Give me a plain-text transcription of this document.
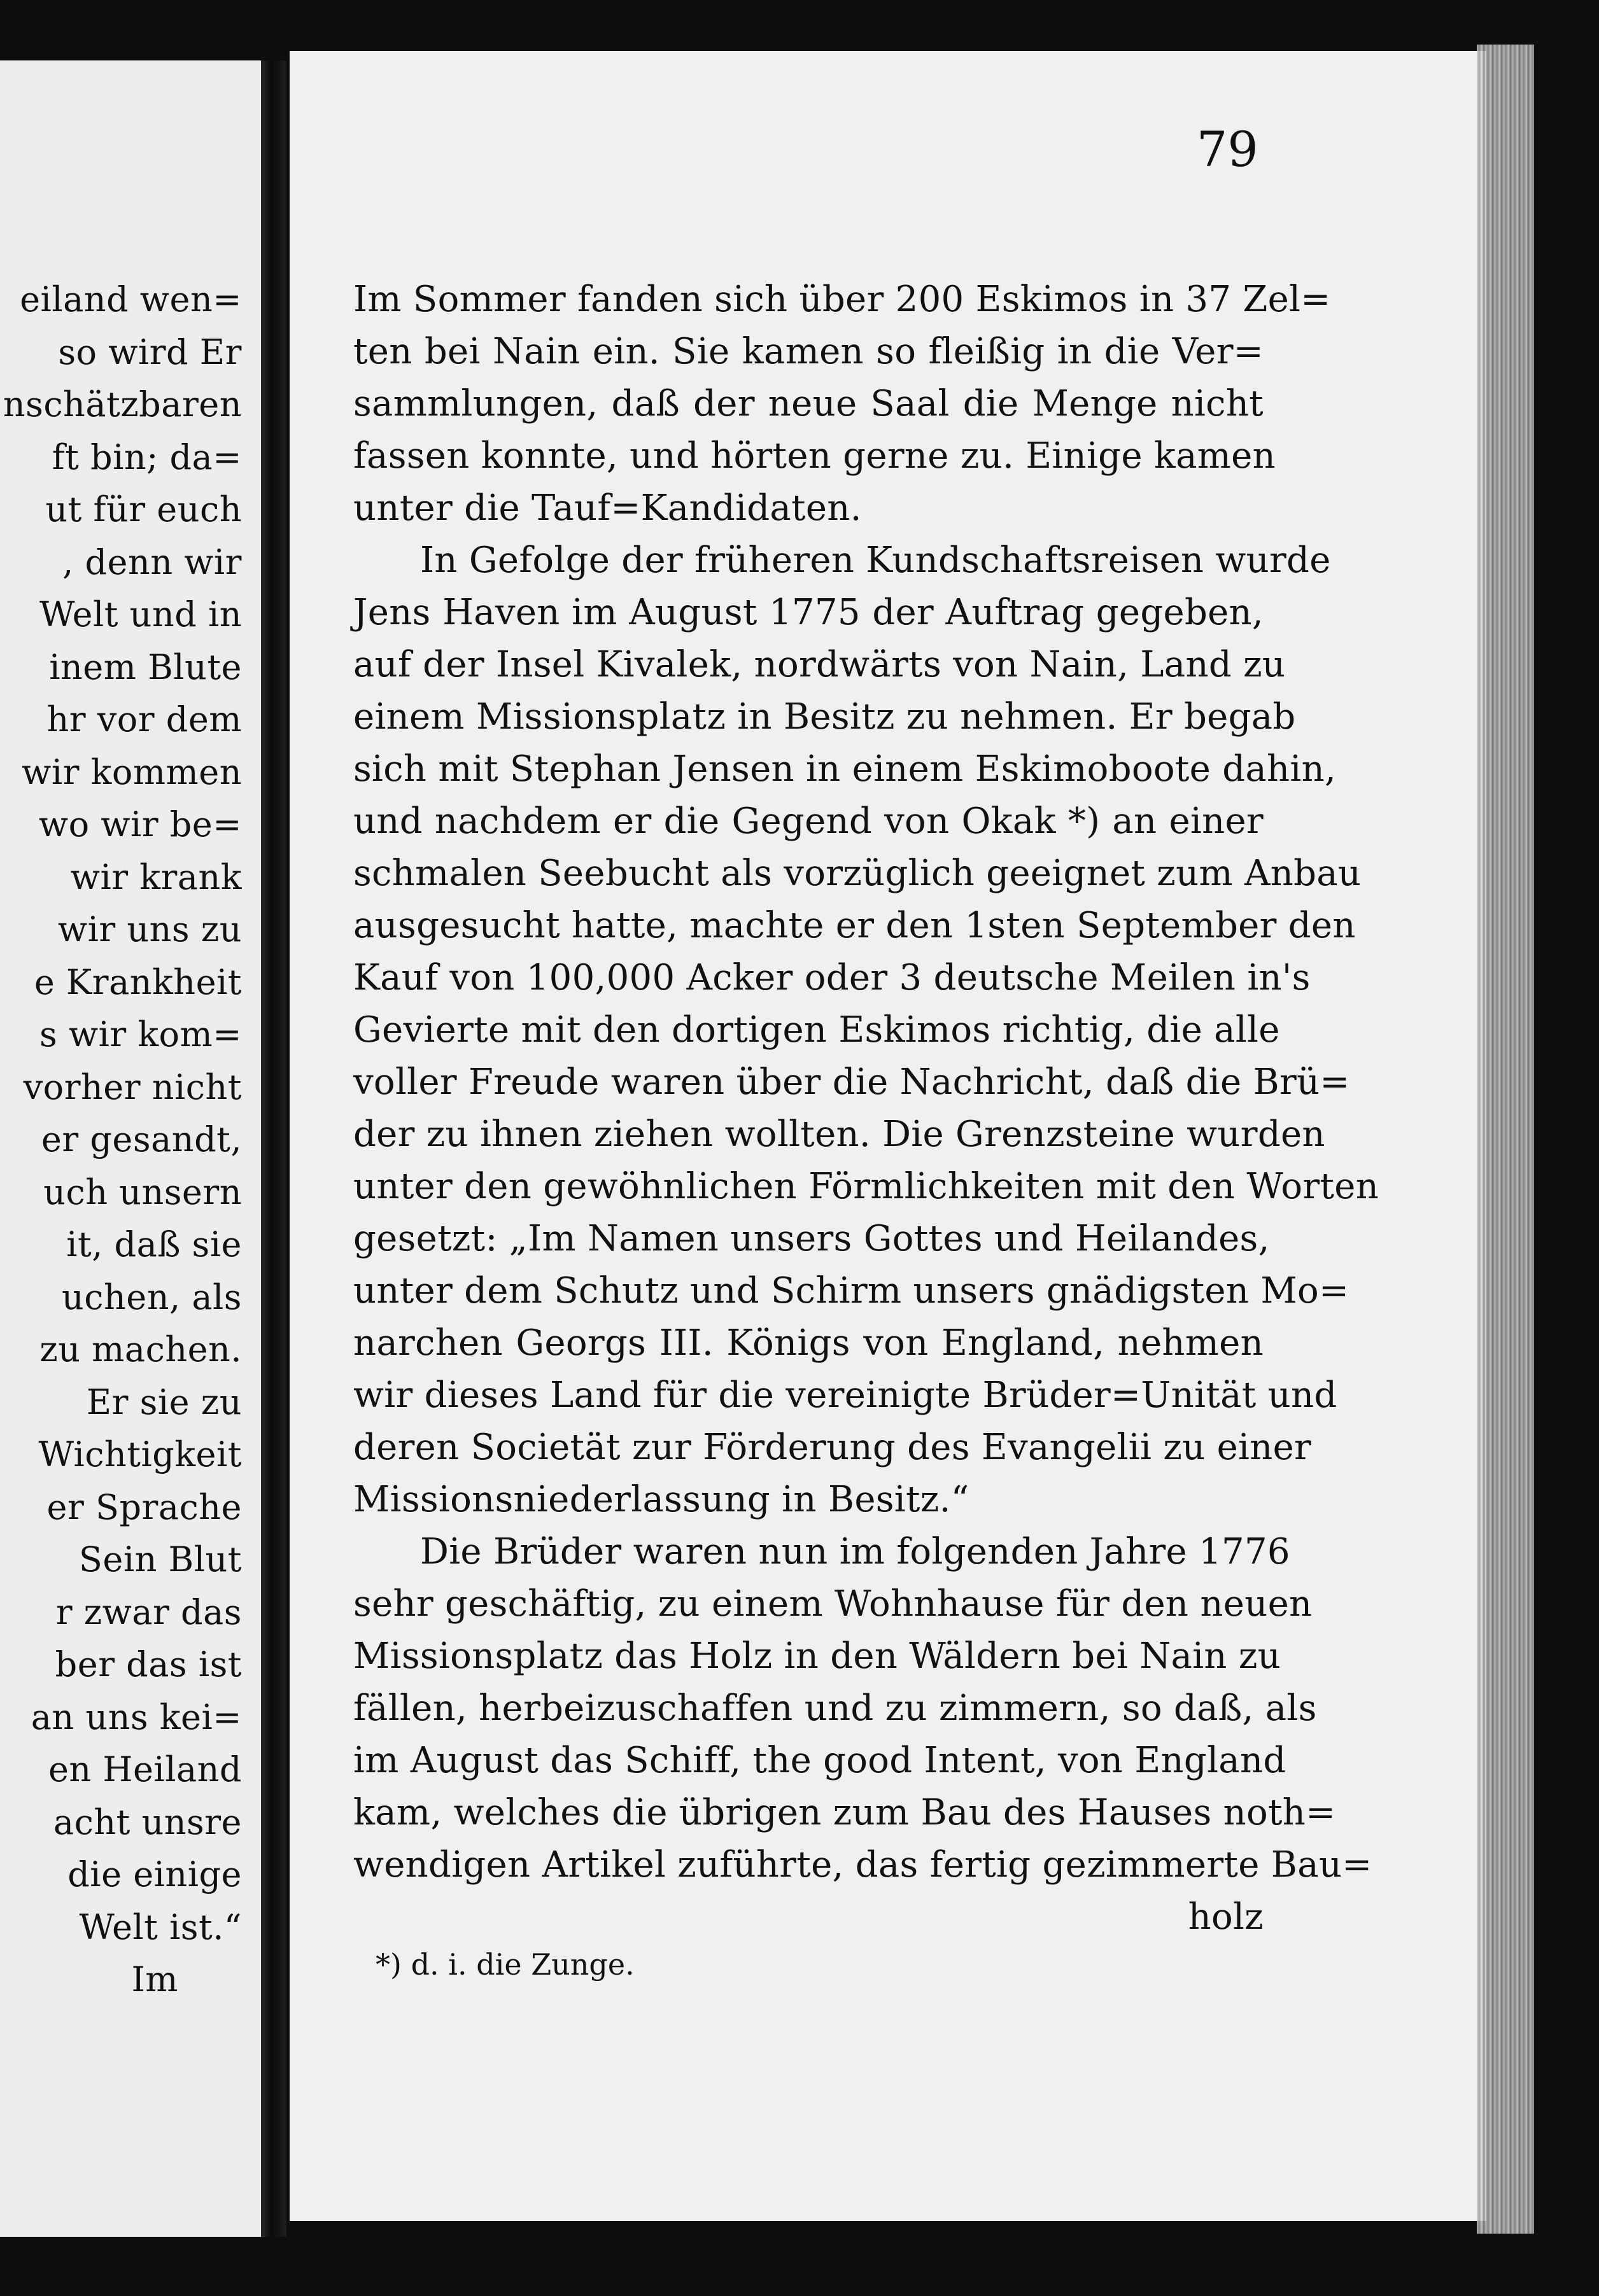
eiland wen=
so wird Er
nschätzbaren
ft bin; da=
ut für euch
, denn wir
Welt und in
inem Blute
hr vor dem
wir kommen
wo wir be=
wir krank
wir uns zu
e Krankheit
s wir kom=
vorher nicht
er gesandt,
uch unsern
it, daß sie
uchen, als
zu machen.
Er sie zu
Wichtigkeit
er Sprache
Sein Blut
r zwar das
ber das ist
an uns kei=
en Heiland
acht unsre
die einige
Welt ist.“
Im
79
Im Sommer fanden sich über 200 Eskimos in 37 Zel=
ten bei Nain ein. Sie kamen so fleißig in die Ver=
sammlungen, daß der neue Saal die Menge nicht
fassen konnte, und hörten gerne zu. Einige kamen
unter die Tauf=Kandidaten.
In Gefolge der früheren Kundschaftsreisen wurde
Jens Haven im August 1775 der Auftrag gegeben,
auf der Insel Kivalek, nordwärts von Nain, Land zu
einem Missionsplatz in Besitz zu nehmen. Er begab
sich mit Stephan Jensen in einem Eskimoboote dahin,
und nachdem er die Gegend von Okak *) an einer
schmalen Seebucht als vorzüglich geeignet zum Anbau
ausgesucht hatte, machte er den 1sten September den
Kauf von 100,000 Acker oder 3 deutsche Meilen in's
Gevierte mit den dortigen Eskimos richtig, die alle
voller Freude waren über die Nachricht, daß die Brü=
der zu ihnen ziehen wollten. Die Grenzsteine wurden
unter den gewöhnlichen Förmlichkeiten mit den Worten
gesetzt: „Im Namen unsers Gottes und Heilandes,
unter dem Schutz und Schirm unsers gnädigsten Mo=
narchen Georgs III. Königs von England, nehmen
wir dieses Land für die vereinigte Brüder=Unität und
deren Societät zur Förderung des Evangelii zu einer
Missionsniederlassung in Besitz.“
Die Brüder waren nun im folgenden Jahre 1776
sehr geschäftig, zu einem Wohnhause für den neuen
Missionsplatz das Holz in den Wäldern bei Nain zu
fällen, herbeizuschaffen und zu zimmern, so daß, als
im August das Schiff, the good Intent, von England
kam, welches die übrigen zum Bau des Hauses noth=
wendigen Artikel zuführte, das fertig gezimmerte Bau=
holz
*) d. i. die Zunge.
